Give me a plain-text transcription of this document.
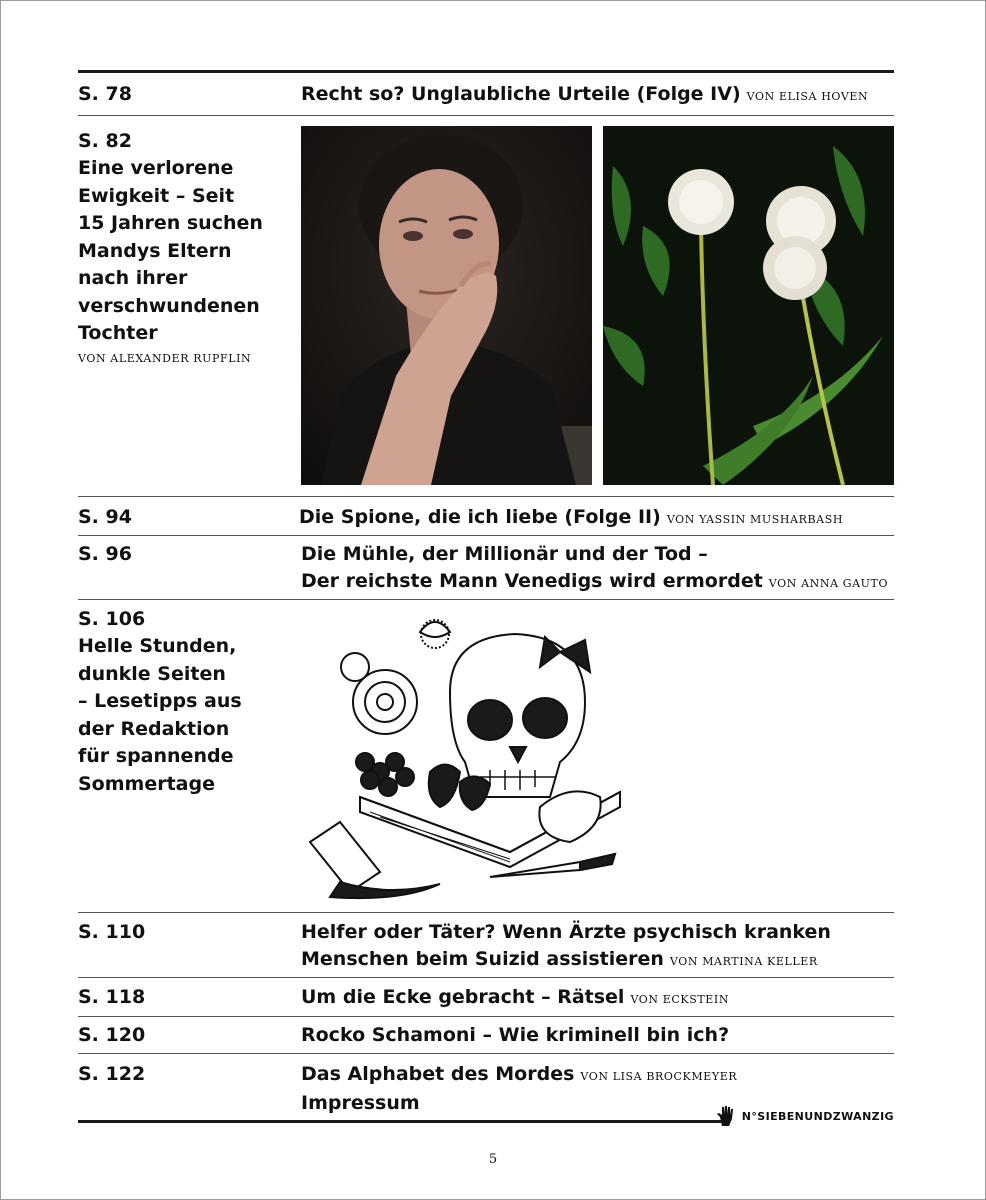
S. 78	Recht so? Unglaubliche Urteile (Folge IV) VON ELISA HOVEN
S. 82
Eine verlorene
Ewigkeit – Seit
15 Jahren suchen
Mandys Eltern
nach ihrer
verschwundenen
Tochter
VON ALEXANDER RUPFLIN
S. 94	Die Spione, die ich liebe (Folge II) VON YASSIN MUSHARBASH
S. 96	Die Mühle, der Millionär und der Tod –
Der reichste Mann Venedigs wird ermordet VON ANNA GAUTO
S. 106
Helle Stunden,
dunkle Seiten
– Lesetipps aus
der Redaktion
für spannende
Sommertage
S. 110	Helfer oder Täter? Wenn Ärzte psychisch kranken
Menschen beim Suizid assistieren VON MARTINA KELLER
S. 118	Um die Ecke gebracht – Rätsel VON ECKSTEIN
S. 120	Rocko Schamoni – Wie kriminell bin ich?
S. 122	Das Alphabet des Mordes VON LISA BROCKMEYER
Impressum
N° SIEBENUNDZWANZIG
5
